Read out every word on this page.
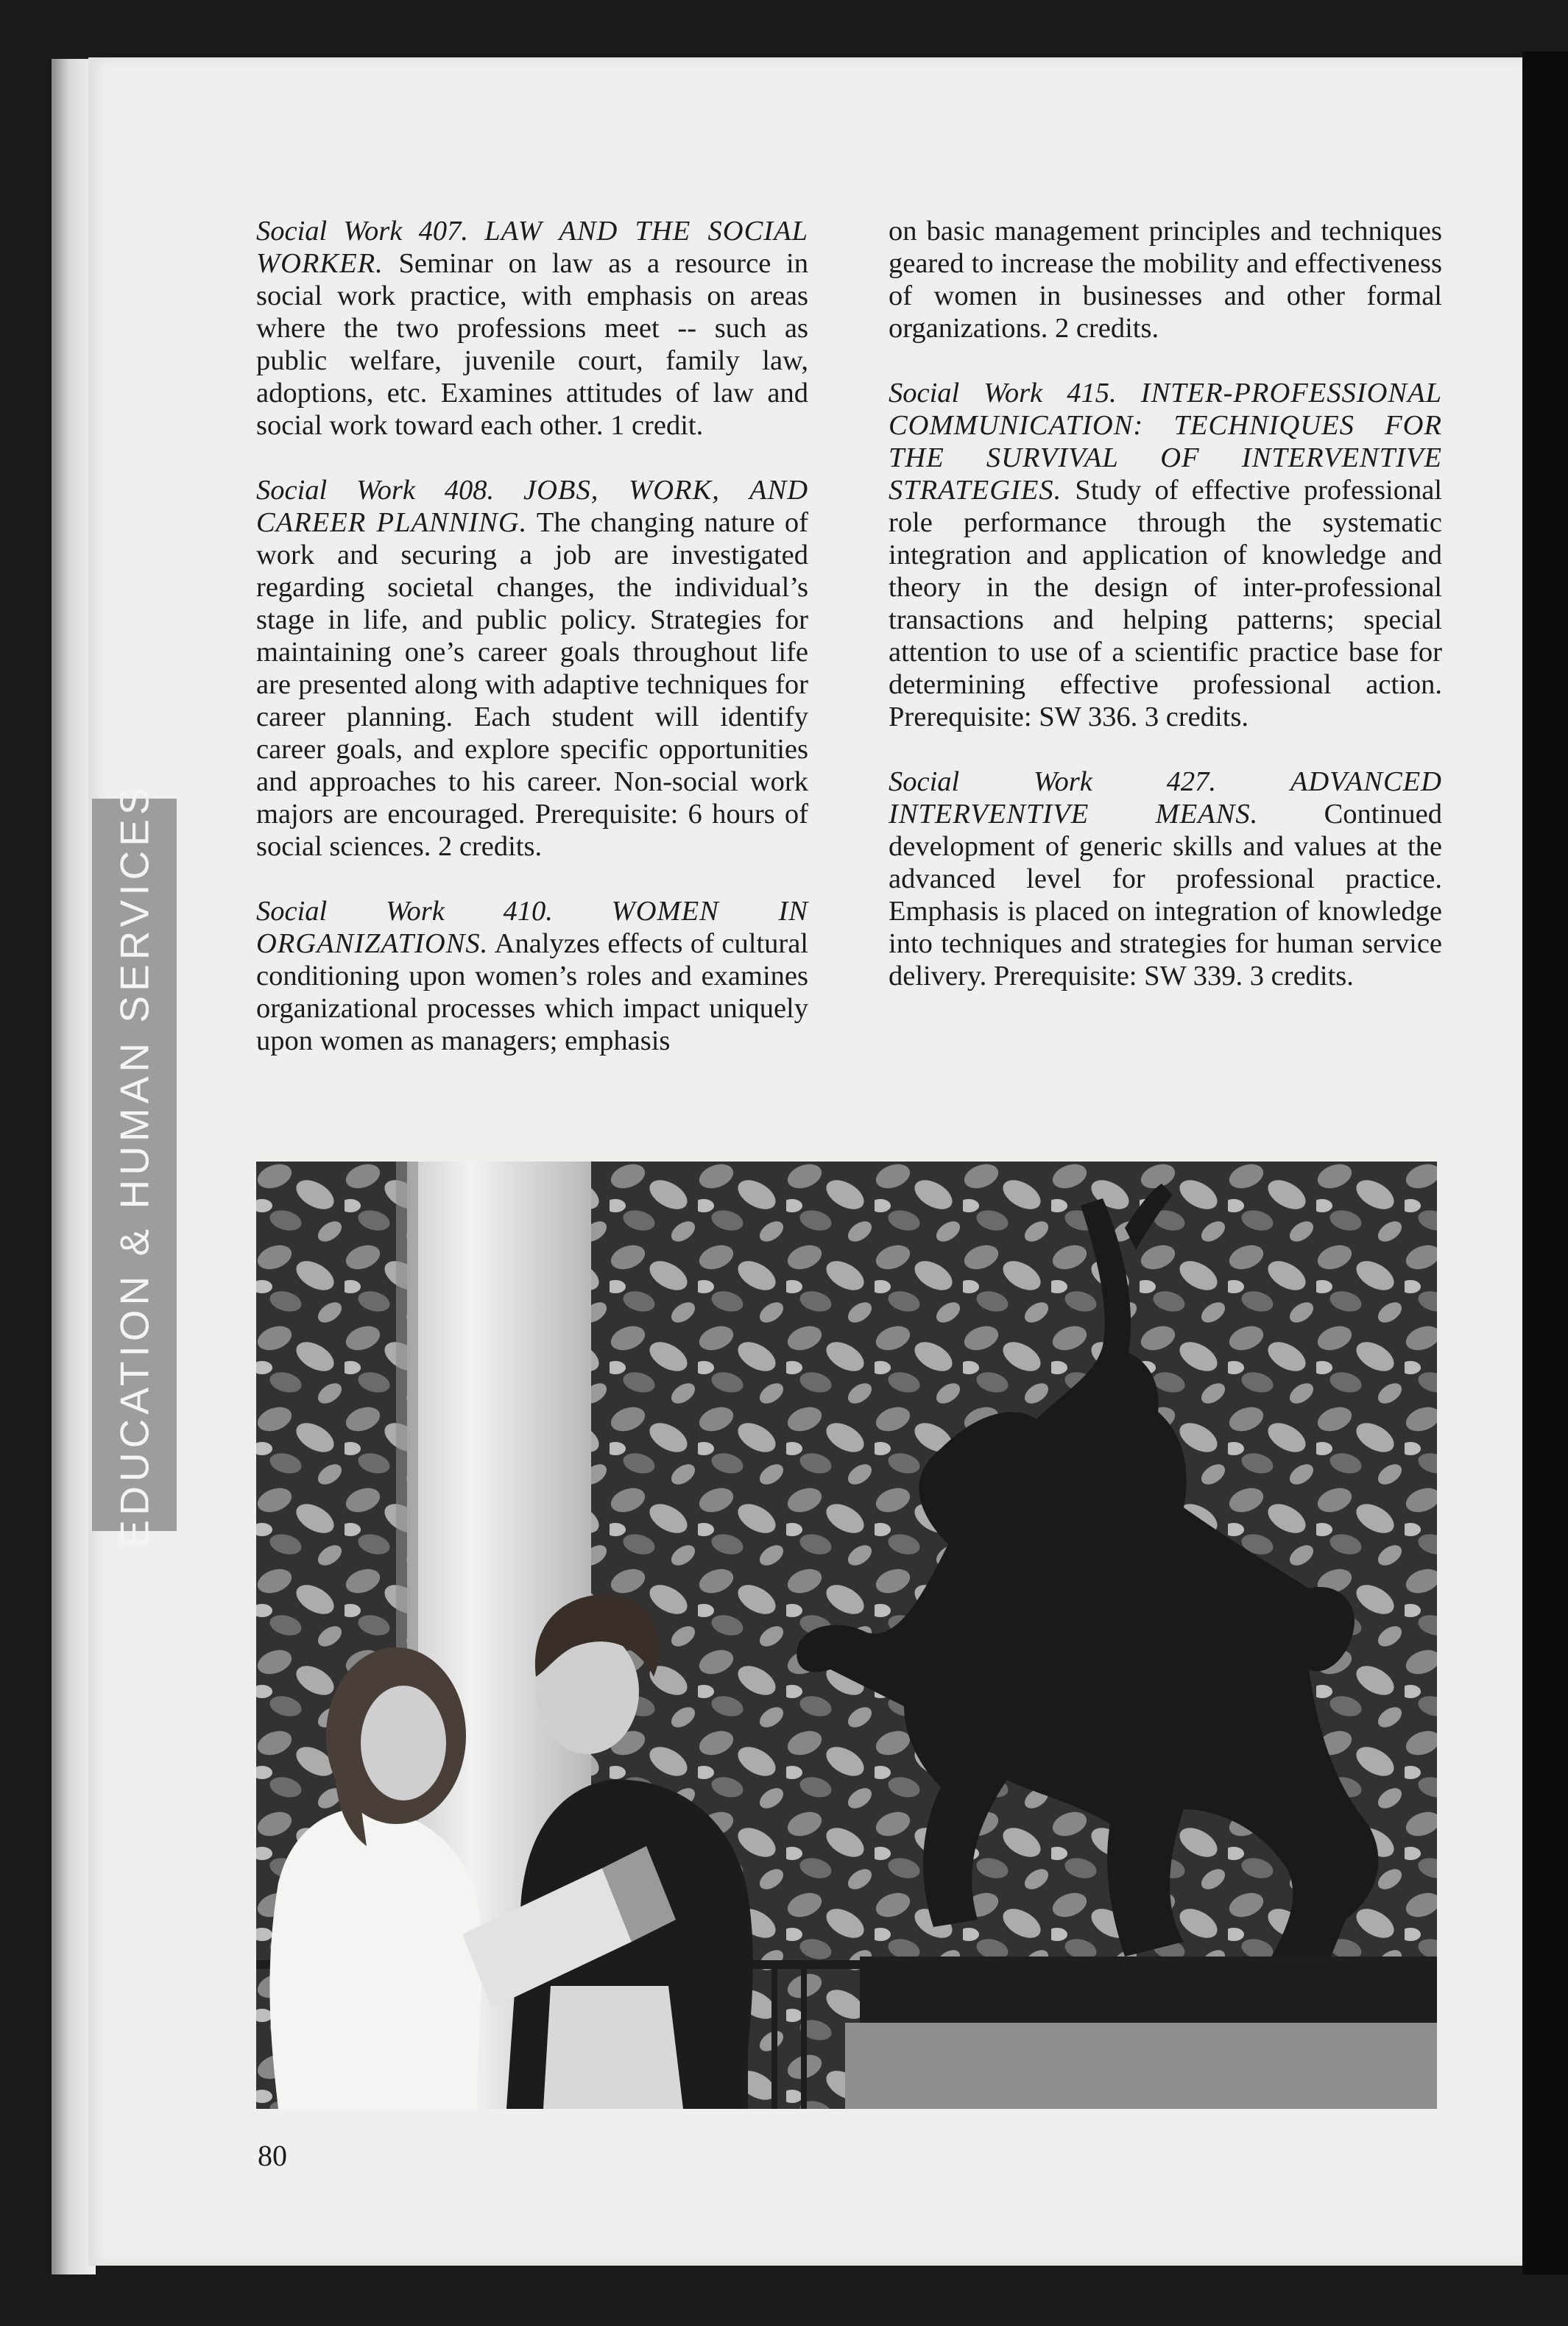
EDUCATION & HUMAN SERVICES

Social Work 407. LAW AND THE SOCIAL WORKER. Seminar on law as a resource in social work practice, with emphasis on areas where the two professions meet -- such as public welfare, juvenile court, family law, adoptions, etc. Examines attitudes of law and social work toward each other. 1 credit.

Social Work 408. JOBS, WORK, AND CAREER PLANNING. The changing nature of work and securing a job are investigated regarding societal changes, the individual’s stage in life, and public policy. Strategies for maintaining one’s career goals throughout life are presented along with adaptive techniques for career planning. Each student will identify career goals, and explore specific opportunities and approaches to his career. Non-social work majors are encouraged. Prerequisite: 6 hours of social sciences. 2 credits.

Social Work 410. WOMEN IN ORGANIZATIONS. Analyzes effects of cultural conditioning upon women’s roles and examines organizational processes which impact uniquely upon women as managers; emphasis

on basic management principles and techniques geared to increase the mobility and effectiveness of women in businesses and other formal organizations. 2 credits.

Social Work 415. INTER-PROFESSIONAL COMMUNICATION: TECHNIQUES FOR THE SURVIVAL OF INTERVENTIVE STRATEGIES. Study of effective professional role performance through the systematic integration and application of knowledge and theory in the design of inter-professional transactions and helping patterns; special attention to use of a scientific practice base for determining effective professional action. Prerequisite: SW 336. 3 credits.

Social Work 427.	ADVANCED INTERVENTIVE MEANS. Continued development of generic skills and values at the advanced level for professional practice. Emphasis is placed on integration of knowledge into techniques and strategies for human service delivery. Prerequisite: SW 339. 3 credits.

80
